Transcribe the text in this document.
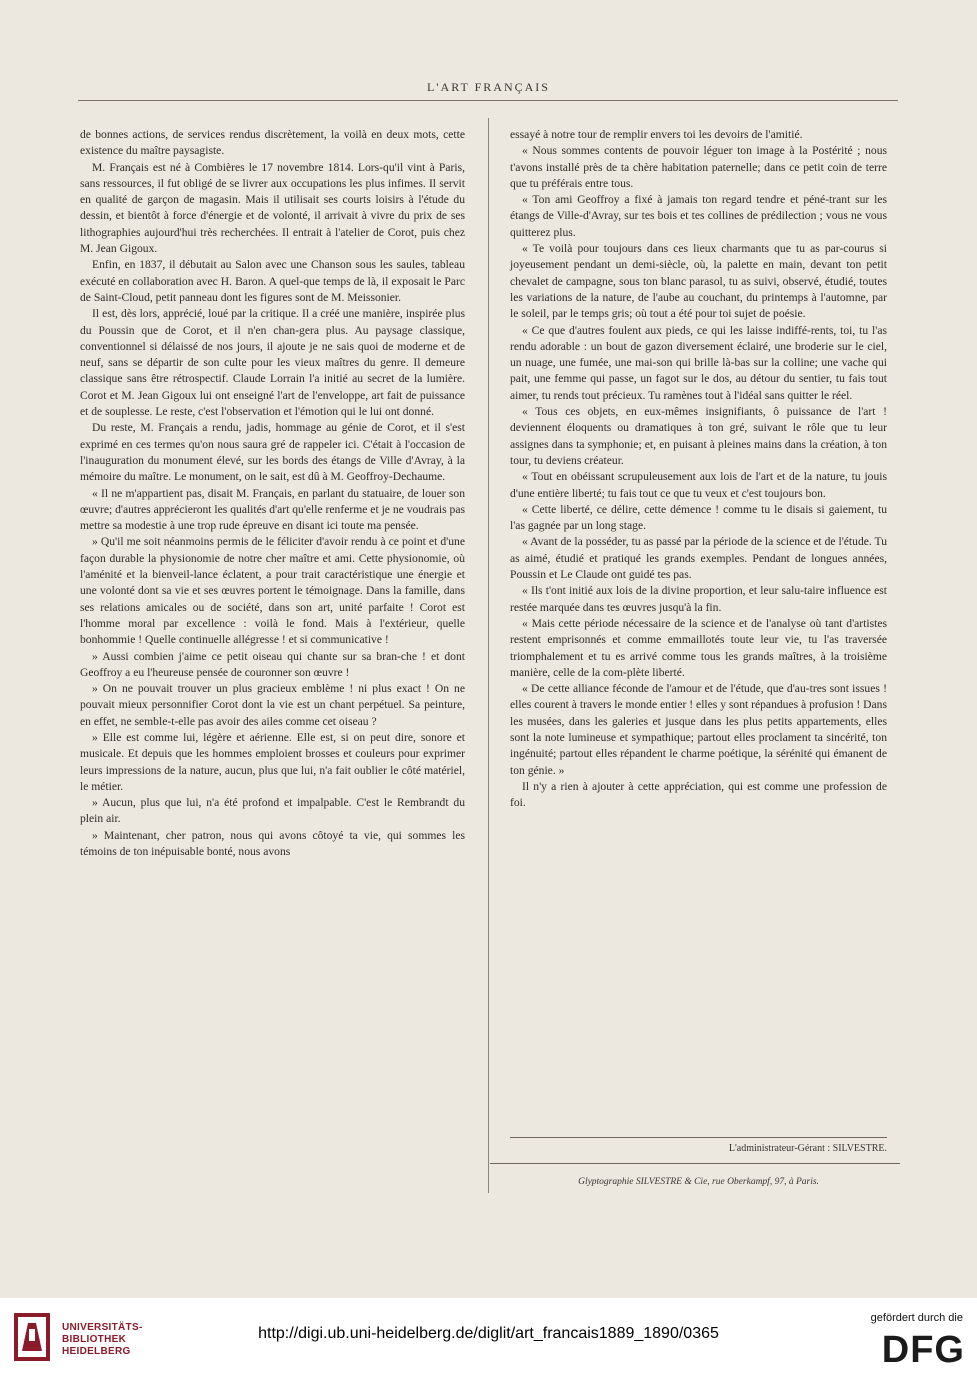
L'ART FRANÇAIS

de bonnes actions, de services rendus discrètement, la voilà en deux mots, cette existence du maître paysagiste.

M. Français est né à Combières le 17 novembre 1814. Lors-qu'il vint à Paris, sans ressources, il fut obligé de se livrer aux occupations les plus infimes. Il servit en qualité de garçon de magasin. Mais il utilisait ses courts loisirs à l'étude du dessin, et bientôt à force d'énergie et de volonté, il arrivait à vivre du prix de ses lithographies aujourd'hui très recherchées. Il entrait à l'atelier de Corot, puis chez M. Jean Gigoux.

Enfin, en 1837, il débutait au Salon avec une Chanson sous les saules, tableau exécuté en collaboration avec H. Baron. A quel-que temps de là, il exposait le Parc de Saint-Cloud, petit panneau dont les figures sont de M. Meissonier.

Il est, dès lors, apprécié, loué par la critique. Il a créé une manière, inspirée plus du Poussin que de Corot, et il n'en chan-gera plus. Au paysage classique, conventionnel si délaissé de nos jours, il ajoute je ne sais quoi de moderne et de neuf, sans se départir de son culte pour les vieux maîtres du genre. Il demeure classique sans être rétrospectif. Claude Lorrain l'a initié au secret de la lumière. Corot et M. Jean Gigoux lui ont enseigné l'art de l'enveloppe, art fait de puissance et de souplesse. Le reste, c'est l'observation et l'émotion qui le lui ont donné.

Du reste, M. Français a rendu, jadis, hommage au génie de Corot, et il s'est exprimé en ces termes qu'on nous saura gré de rappeler ici. C'était à l'occasion de l'inauguration du monument élevé, sur les bords des étangs de Ville d'Avray, à la mémoire du maître. Le monument, on le sait, est dû à M. Geoffroy-Dechaume.

« Il ne m'appartient pas, disait M. Français, en parlant du statuaire, de louer son œuvre; d'autres apprécieront les qualités d'art qu'elle renferme et je ne voudrais pas mettre sa modestie à une trop rude épreuve en disant ici toute ma pensée.

» Qu'il me soit néanmoins permis de le féliciter d'avoir rendu à ce point et d'une façon durable la physionomie de notre cher maître et ami. Cette physionomie, où l'aménité et la bienveil-lance éclatent, a pour trait caractéristique une énergie et une volonté dont sa vie et ses œuvres portent le témoignage. Dans la famille, dans ses relations amicales ou de société, dans son art, unité parfaite ! Corot est l'homme moral par excellence : voilà le fond. Mais à l'extérieur, quelle bonhommie ! Quelle continuelle allégresse ! et si communicative !

» Aussi combien j'aime ce petit oiseau qui chante sur sa bran-che ! et dont Geoffroy a eu l'heureuse pensée de couronner son œuvre !

» On ne pouvait trouver un plus gracieux emblème ! ni plus exact ! On ne pouvait mieux personnifier Corot dont la vie est un chant perpétuel. Sa peinture, en effet, ne semble-t-elle pas avoir des ailes comme cet oiseau ?

» Elle est comme lui, légère et aérienne. Elle est, si on peut dire, sonore et musicale. Et depuis que les hommes emploient brosses et couleurs pour exprimer leurs impressions de la nature, aucun, plus que lui, n'a fait oublier le côté matériel, le métier.

» Aucun, plus que lui, n'a été profond et impalpable. C'est le Rembrandt du plein air.

» Maintenant, cher patron, nous qui avons côtoyé ta vie, qui sommes les témoins de ton inépuisable bonté, nous avons

essayé à notre tour de remplir envers toi les devoirs de l'amitié.

« Nous sommes contents de pouvoir léguer ton image à la Postérité ; nous t'avons installé près de ta chère habitation paternelle; dans ce petit coin de terre que tu préférais entre tous.

« Ton ami Geoffroy a fixé à jamais ton regard tendre et péné-trant sur les étangs de Ville-d'Avray, sur tes bois et tes collines de prédilection ; vous ne vous quitterez plus.

« Te voilà pour toujours dans ces lieux charmants que tu as par-courus si joyeusement pendant un demi-siècle, où, la palette en main, devant ton petit chevalet de campagne, sous ton blanc parasol, tu as suivi, observé, étudié, toutes les variations de la nature, de l'aube au couchant, du printemps à l'automne, par le soleil, par le temps gris; où tout a été pour toi sujet de poésie.

« Ce que d'autres foulent aux pieds, ce qui les laisse indiffé-rents, toi, tu l'as rendu adorable : un bout de gazon diversement éclairé, une broderie sur le ciel, un nuage, une fumée, une mai-son qui brille là-bas sur la colline; une vache qui pait, une femme qui passe, un fagot sur le dos, au détour du sentier, tu fais tout aimer, tu rends tout précieux. Tu ramènes tout à l'idéal sans quitter le réel.

« Tous ces objets, en eux-mêmes insignifiants, ô puissance de l'art ! deviennent éloquents ou dramatiques à ton gré, suivant le rôle que tu leur assignes dans ta symphonie; et, en puisant à pleines mains dans la création, à ton tour, tu deviens créateur.

« Tout en obéissant scrupuleusement aux lois de l'art et de la nature, tu jouis d'une entière liberté; tu fais tout ce que tu veux et c'est toujours bon.

« Cette liberté, ce délire, cette démence ! comme tu le disais si gaiement, tu l'as gagnée par un long stage.

« Avant de la posséder, tu as passé par la période de la science et de l'étude. Tu as aimé, étudié et pratiqué les grands exemples. Pendant de longues années, Poussin et Le Claude ont guidé tes pas.

« Ils t'ont initié aux lois de la divine proportion, et leur salu-taire influence est restée marquée dans tes œuvres jusqu'à la fin.

« Mais cette période nécessaire de la science et de l'analyse où tant d'artistes restent emprisonnés et comme emmaillotés toute leur vie, tu l'as traversée triomphalement et tu es arrivé comme tous les grands maîtres, à la troisième manière, celle de la com-plète liberté.

« De cette alliance féconde de l'amour et de l'étude, que d'au-tres sont issues ! elles courent à travers le monde entier ! elles y sont répandues à profusion ! Dans les musées, dans les galeries et jusque dans les plus petits appartements, elles sont la note lumineuse et sympathique; partout elles proclament ta sincérité, ton ingénuité; partout elles répandent le charme poétique, la sérénité qui émanent de ton génie. »

Il n'y a rien à ajouter à cette appréciation, qui est comme une profession de foi.

L'administrateur-Gérant : SILVESTRE.
Glyptographie SILVESTRE & Cie, rue Oberkampf, 97, à Paris.
UNIVERSITÄTS-
BIBLIOTHEK
HEIDELBERG
http://digi.ub.uni-heidelberg.de/diglit/art_francais1889_1890/0365
gefördert durch die
DFG
